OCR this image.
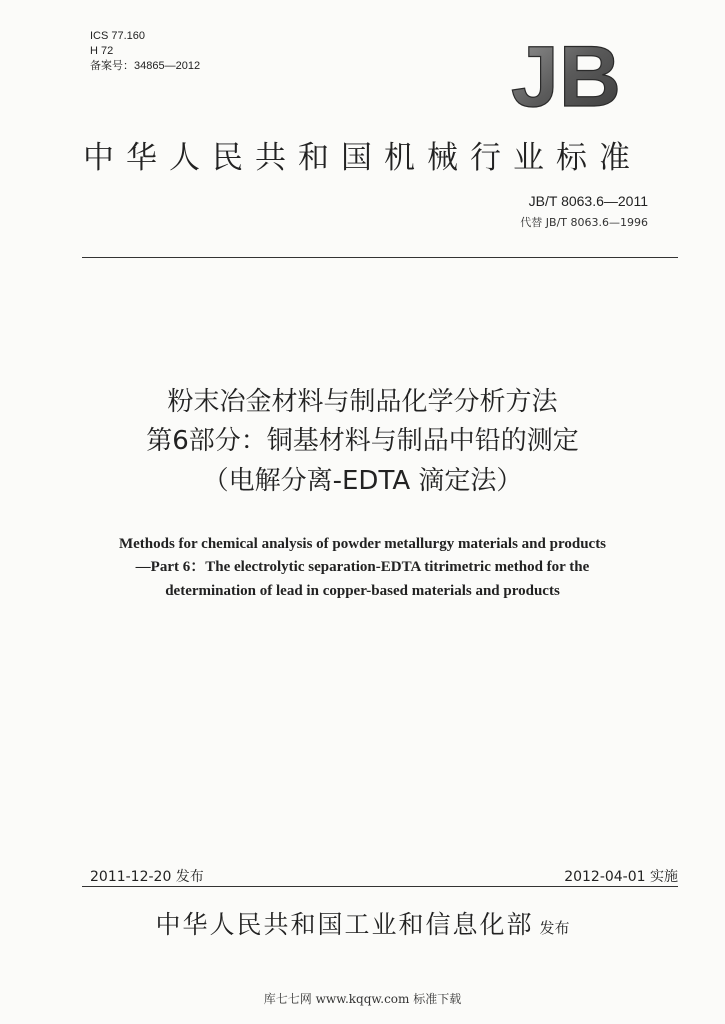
ICS 77.160
H 72
备案号：34865—2012	JB
中华人民共和国机械行业标准
JB/T 8063.6—2011
代替 JB/T 8063.6—1996
粉末冶金材料与制品化学分析方法
第6部分：铜基材料与制品中铅的测定
（电解分离-EDTA 滴定法）
Methods for chemical analysis of powder metallurgy materials and products
—Part 6：The electrolytic separation-EDTA titrimetric method for the
determination of lead in copper-based materials and products
2011-12-20 发布	2012-04-01 实施
中华人民共和国工业和信息化部 发布
库七七网 www.kqqw.com 标准下载
